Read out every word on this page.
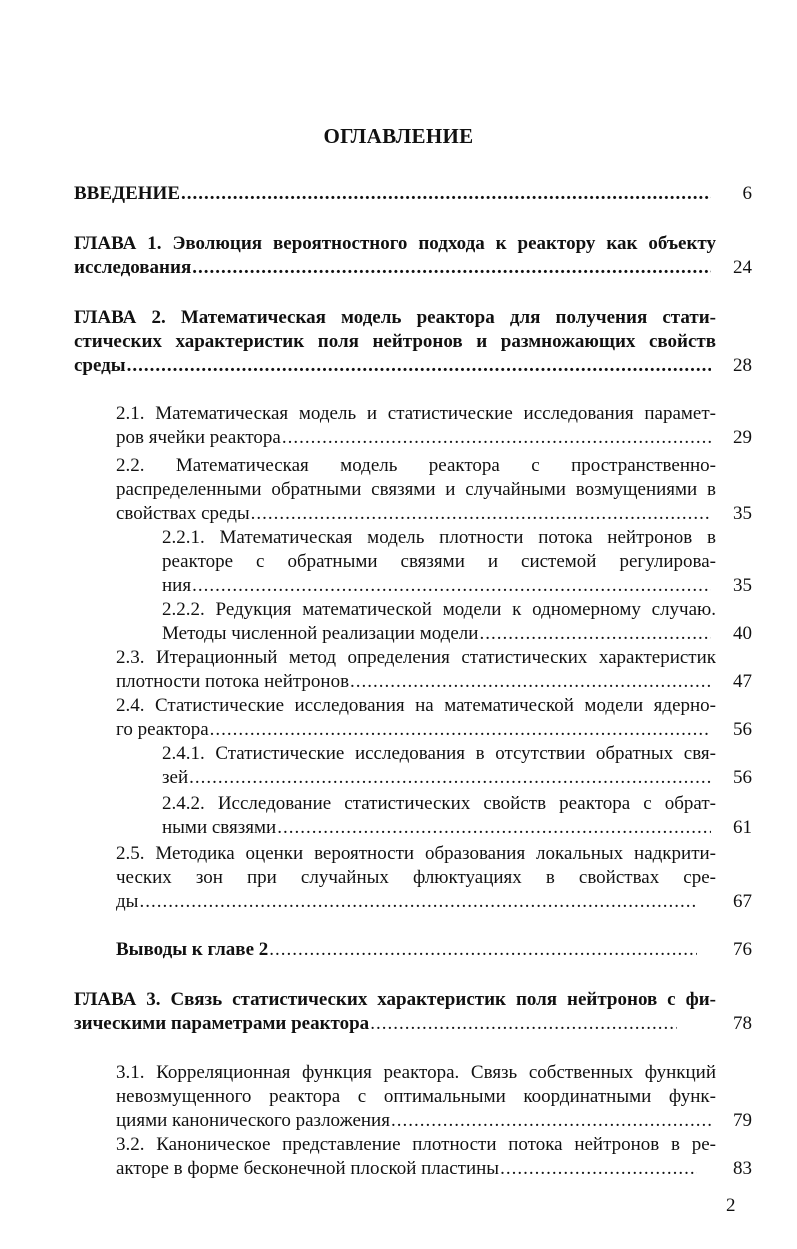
ОГЛАВЛЕНИЕ
ВВЕДЕНИЕ .....	6
ГЛАВА 1. Эволюция вероятностного подхода к реактору как объекту
исследования .....	24
ГЛАВА 2. Математическая модель реактора для получения стати-
стических характеристик поля нейтронов и размножающих свойств
среды .....	28
2.1. Математическая модель и статистические исследования парамет-
ров ячейки реактора .....	29
2.2. Математическая модель реактора с пространственно-
распределенными обратными связями и случайными возмущениями в
свойствах среды .....	35
2.2.1. Математическая модель плотности потока нейтронов в
реакторе с обратными связями и системой регулирова-
ния .....	35
2.2.2. Редукция математической модели к одномерному случаю.
Методы численной реализации модели .....	40
2.3. Итерационный метод определения статистических характеристик
плотности потока нейтронов .....	47
2.4. Статистические исследования на математической модели ядерно-
го реактора .....	56
2.4.1. Статистические исследования в отсутствии обратных свя-
зей .....	56
2.4.2. Исследование статистических свойств реактора с обрат-
ными связями .....	61
2.5. Методика оценки вероятности образования локальных надкрити-
ческих зон при случайных флюктуациях в свойствах сре-
ды .....	67
Выводы к главе 2 .....	76
ГЛАВА 3. Связь статистических характеристик поля нейтронов с фи-
зическими параметрами реактора .....	78
3.1. Корреляционная функция реактора. Связь собственных функций
невозмущенного реактора с оптимальными координатными функ-
циями канонического разложения .....	79
3.2. Каноническое представление плотности потока нейтронов в ре-
акторе в форме бесконечной плоской пластины .....	83
2
